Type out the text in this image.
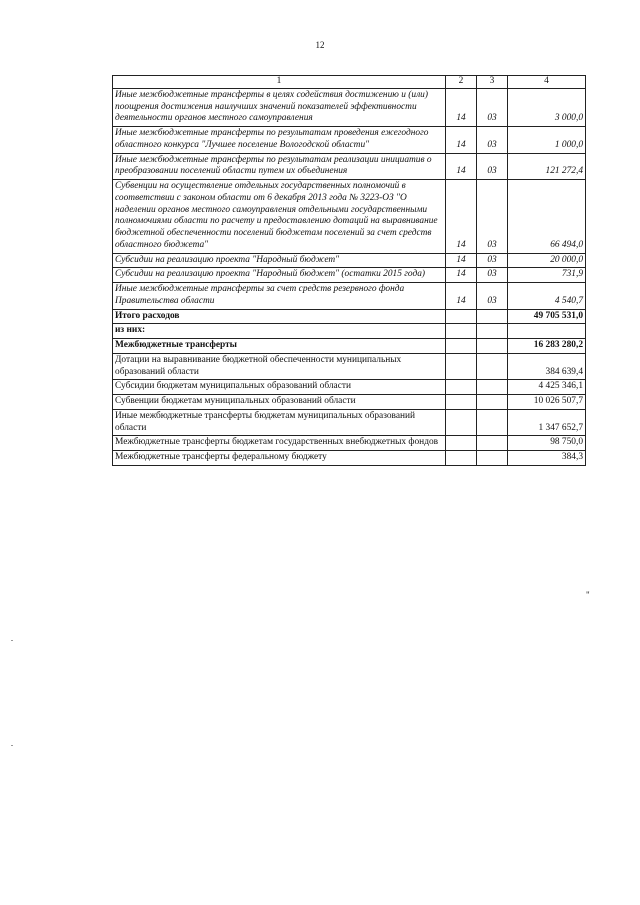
12
1	2	3	4
Иные межбюджетные трансферты в целях содействия достижению и (или) поощрения достижения наилучших значений показателей эффективности деятельности органов местного самоуправления	14	03	3 000,0
Иные межбюджетные трансферты по результатам проведения ежегодного областного конкурса "Лучшее поселение Вологодской области"	14	03	1 000,0
Иные межбюджетные трансферты по результатам реализации инициатив о преобразовании поселений области путем их объединения	14	03	121 272,4
Субвенции на осуществление отдельных государственных полномочий в соответствии с законом области от 6 декабря 2013 года № 3223-ОЗ "О наделении органов местного самоуправления отдельными государственными полномочиями области по расчету и предоставлению дотаций на выравнивание бюджетной обеспеченности поселений бюджетам поселений за счет средств областного бюджета"	14	03	66 494,0
Субсидии на реализацию проекта "Народный бюджет"	14	03	20 000,0
Субсидии на реализацию проекта "Народный бюджет" (остатки 2015 года)	14	03	731,9
Иные межбюджетные трансферты за счет средств резервного фонда Правительства области	14	03	4 540,7
Итого расходов			49 705 531,0
из них:			
Межбюджетные трансферты			16 283 280,2
Дотации на выравнивание бюджетной обеспеченности муниципальных образований области			384 639,4
Субсидии бюджетам муниципальных образований области			4 425 346,1
Субвенции бюджетам муниципальных образований области			10 026 507,7
Иные межбюджетные трансферты бюджетам муниципальных образований области			1 347 652,7
Межбюджетные трансферты бюджетам государственных внебюджетных фондов			98 750,0
Межбюджетные трансферты федеральному бюджету			384,3
"
